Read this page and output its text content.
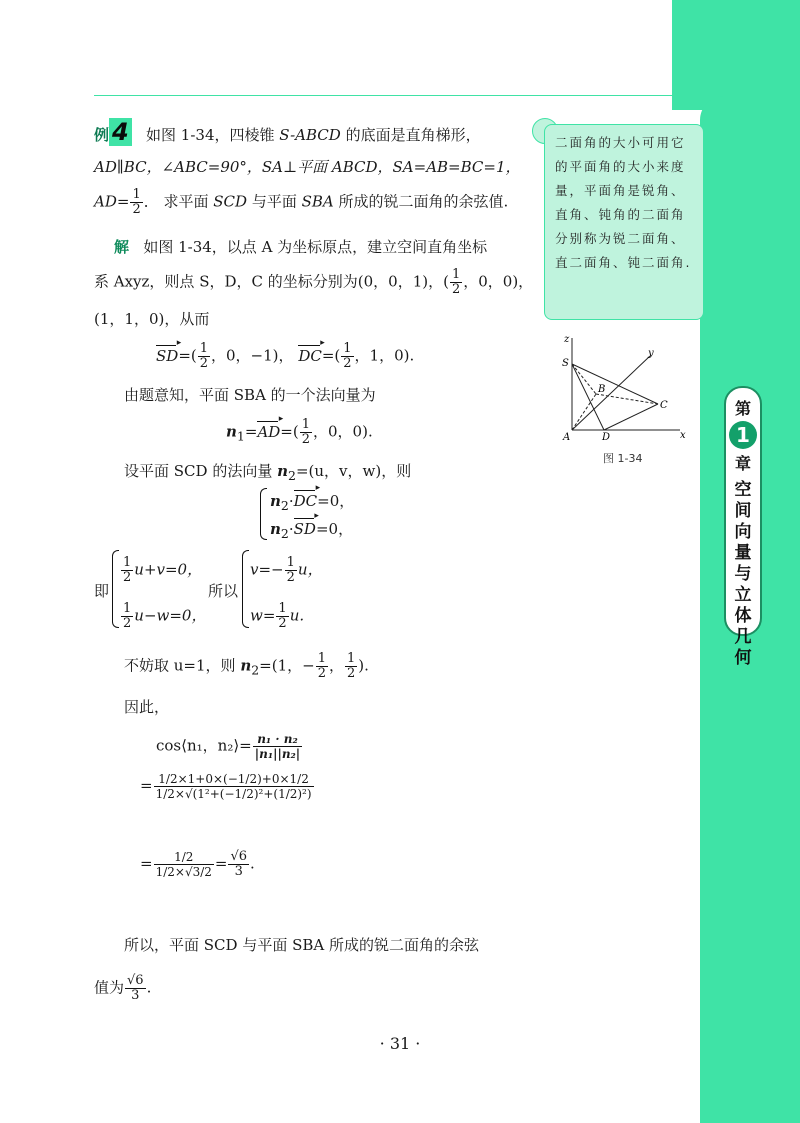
第
1
章
空间向量与立体几何
例 4 如图 1-34，四棱锥 S-ABCD 的底面是直角梯形，
AD∥BC，∠ABC=90°，SA⊥平面 ABCD，SA=AB=BC=1，
$AD= \frac{1}{2}$ ． 求平面 SCD 与平面 SBA 所成的锐二面角的余弦值.
解 如图 1-34，以点 A 为坐标原点，建立空间直角坐标
系 Axyz，则点 S，D，C 的坐标分别为(0，0，1)，( $\frac{1}{2}$ ，0，0)，
(1，1，0)，从而
SD ▸=( $\frac{1}{2}$ ，0，−1)， DC ▸=( $\frac{1}{2}$ ，1，0).
由题意知，平面 SBA 的一个法向量为
$n_1=AD$ ▸=( $\frac{1}{2}$ ，0，0).
设平面 SCD 的法向量 $n_2=(u$，v，w)，则
$n_2\cdot DC$ ▸=0，
$n_2\cdot SD$ ▸=0，
即
$\frac{1}{2} u+v=0$，
$\frac{1}{2} u-w=0$，
所以
$v=- \frac{1}{2}$ u，
$w= \frac{1}{2} u$.
不妨取 u=1，则 $n_2=(1$，− $\frac{1}{2}$ ， $\frac{1}{2}$ ).
因此，
cos⟨n₁，n₂⟩= $\frac{\text{n₁ · n₂}}{\text{|n₁||n₂|}}$
= $\frac{1/2\times 1+0\times(-1/2)+0\times 1/2}{\text{1/2×√(1²+(−1/2)²+(1/2)²)}}$
= $\frac{1/2}{1/2\times√3/2} = \frac{√6}{3}$ .
所以，平面 SCD 与平面 SBA 所成的锐二面角的余弦
值为 $\frac{√6}{3}$ .
二面角的大小可用它的平面角的大小来度量，平面角是锐角、直角、钝角的二面角分别称为锐二面角、直二面角、钝二面角.
z
y
x
S
B
C
A	D
图 1-34
· 31 ·
